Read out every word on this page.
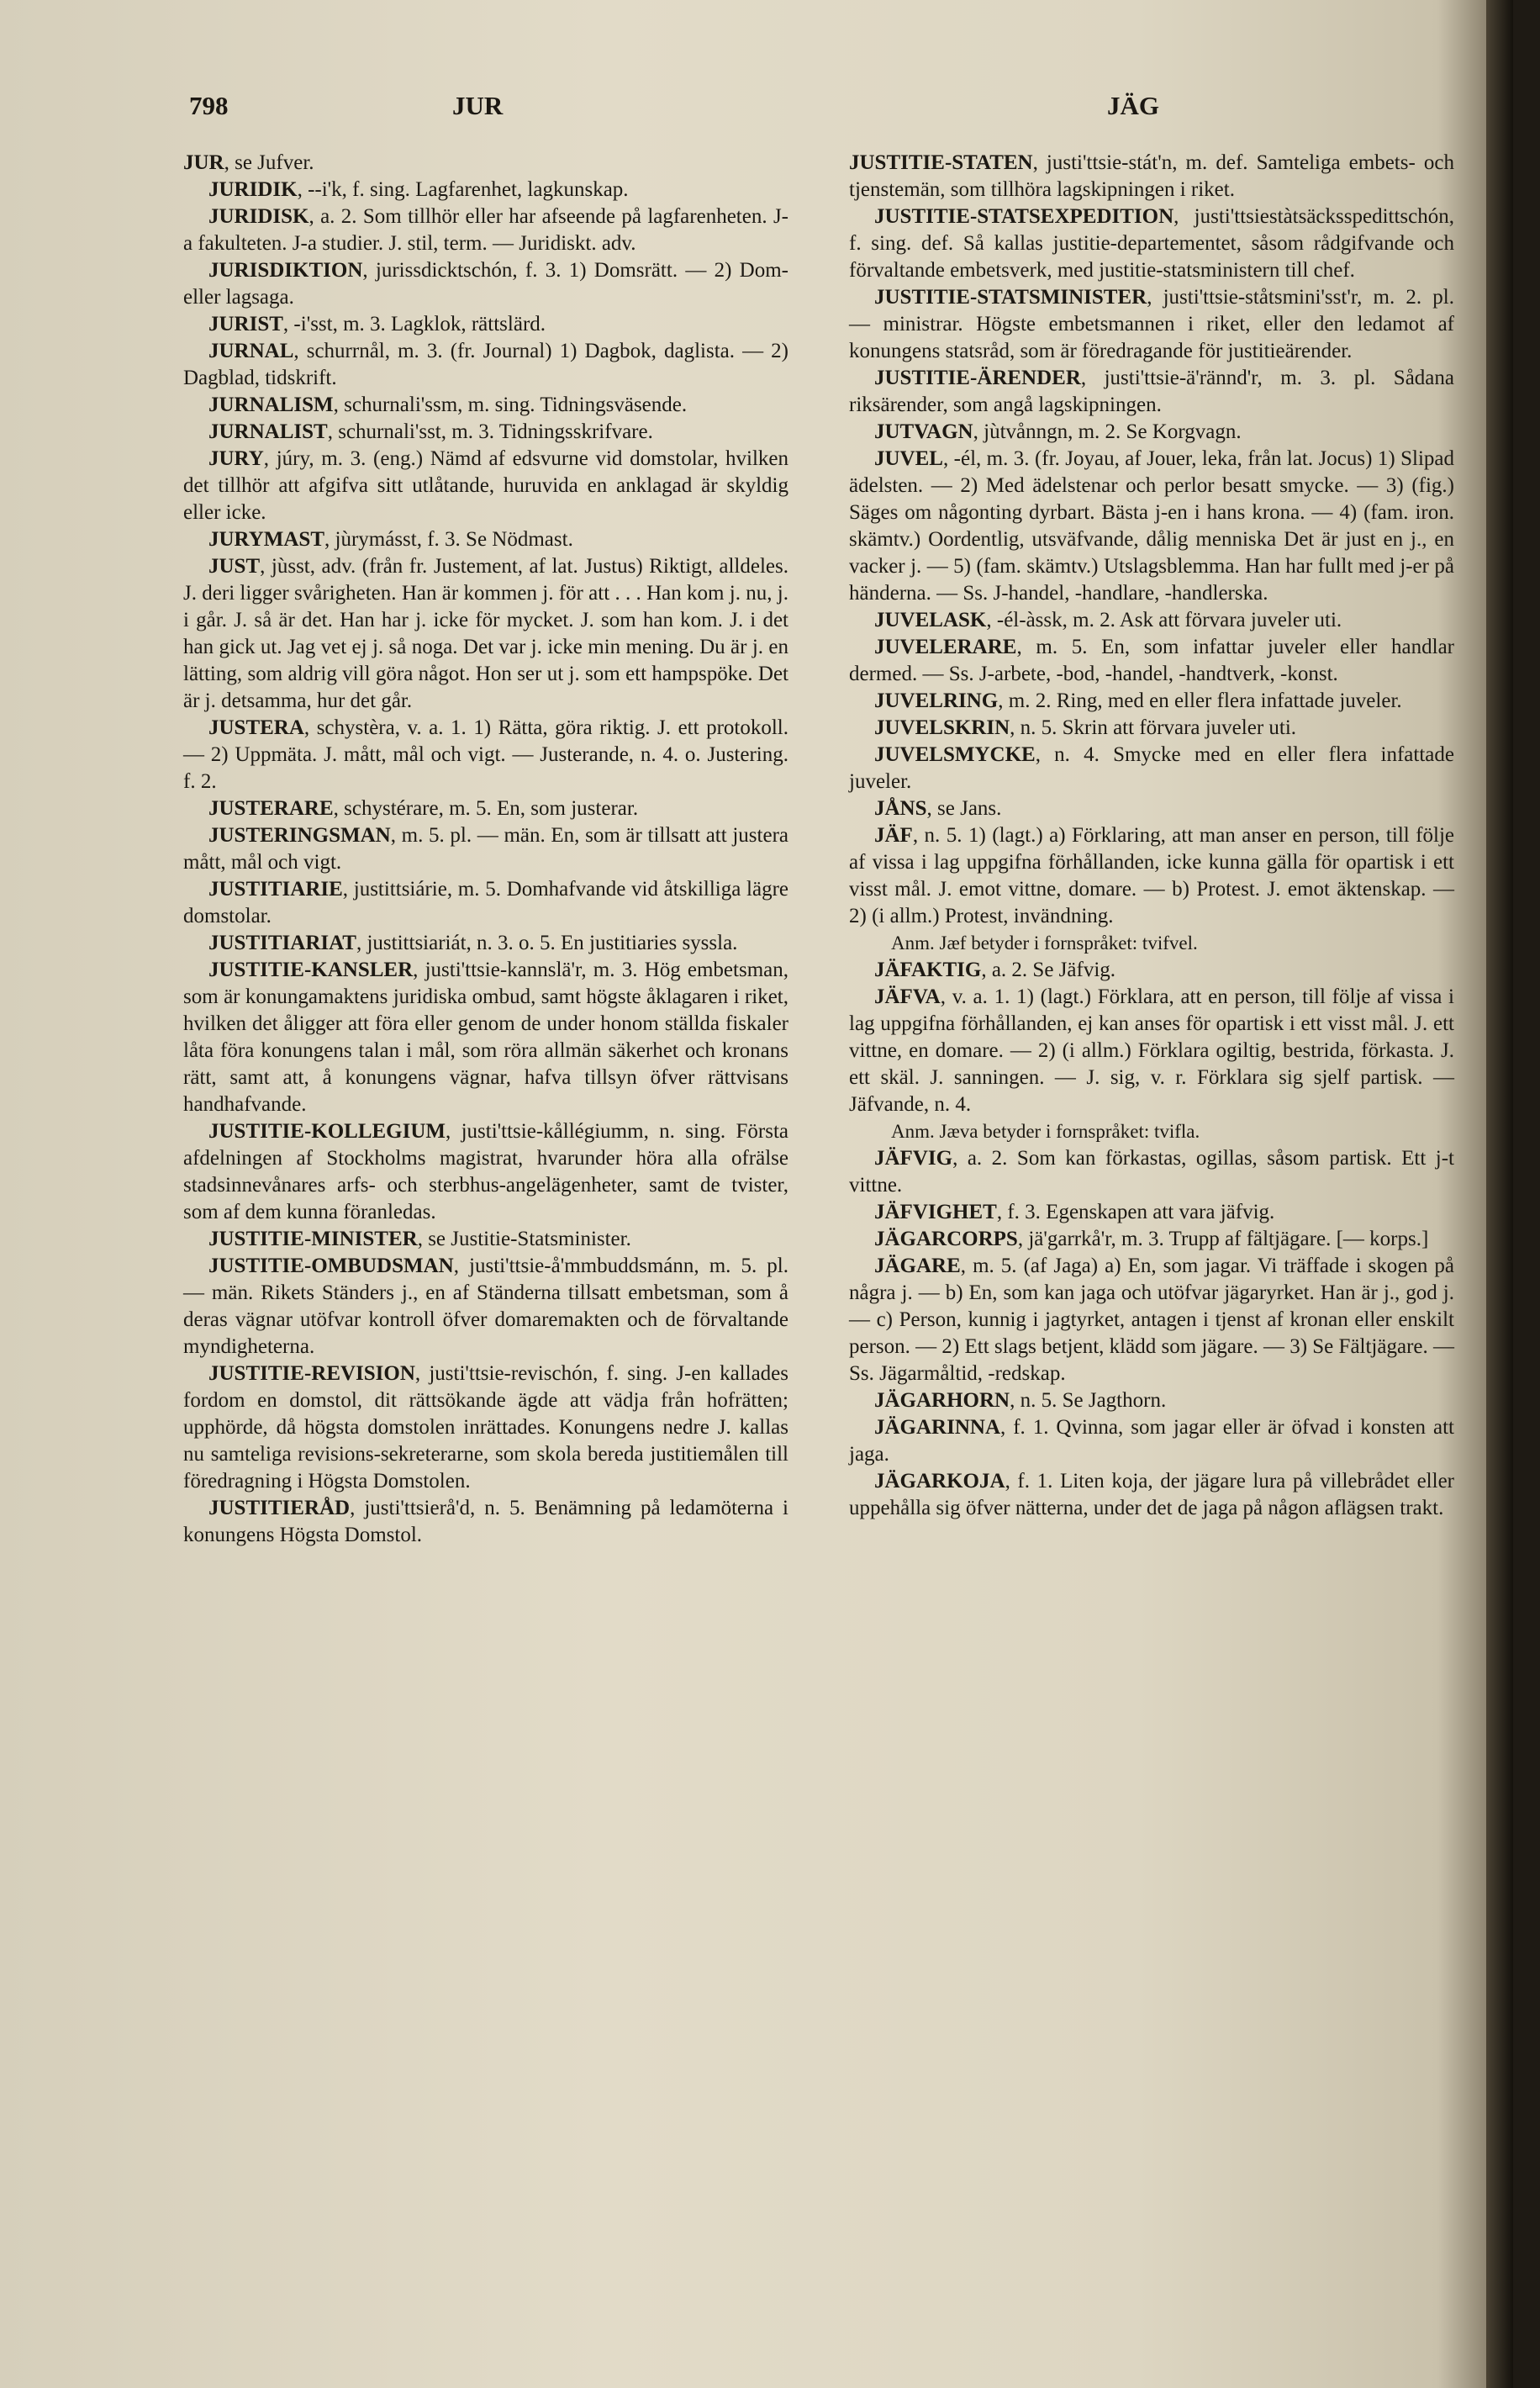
798	JUR	JÄG

JUR, se Jufver.

JURIDIK, --i'k, f. sing. Lagfarenhet, lagkunskap.

JURIDISK, a. 2. Som tillhör eller har afseende på lagfarenheten. J-a fakulteten. J-a studier. J. stil, term. — Juridiskt. adv.

JURISDIKTION, jurissdicktschón, f. 3. 1) Domsrätt. — 2) Dom- eller lagsaga.

JURIST, -i'sst, m. 3. Lagklok, rättslärd.

JURNAL, schurrnål, m. 3. (fr. Journal) 1) Dagbok, daglista. — 2) Dagblad, tidskrift.

JURNALISM, schurnali'ssm, m. sing. Tidningsväsende.

JURNALIST, schurnali'sst, m. 3. Tidningsskrifvare.

JURY, júry, m. 3. (eng.) Nämd af edsvurne vid domstolar, hvilken det tillhör att afgifva sitt utlåtande, huruvida en anklagad är skyldig eller icke.

JURYMAST, jùrymásst, f. 3. Se Nödmast.

JUST, jùsst, adv. (från fr. Justement, af lat. Justus) Riktigt, alldeles. J. deri ligger svårigheten. Han är kommen j. för att . . . Han kom j. nu, j. i går. J. så är det. Han har j. icke för mycket. J. som han kom. J. i det han gick ut. Jag vet ej j. så noga. Det var j. icke min mening. Du är j. en lätting, som aldrig vill göra något. Hon ser ut j. som ett hampspöke. Det är j. detsamma, hur det går.

JUSTERA, schystèra, v. a. 1. 1) Rätta, göra riktig. J. ett protokoll. — 2) Uppmäta. J. mått, mål och vigt. — Justerande, n. 4. o. Justering. f. 2.

JUSTERARE, schystérare, m. 5. En, som justerar.

JUSTERINGSMAN, m. 5. pl. — män. En, som är tillsatt att justera mått, mål och vigt.

JUSTITIARIE, justittsiárie, m. 5. Domhafvande vid åtskilliga lägre domstolar.

JUSTITIARIAT, justittsiariát, n. 3. o. 5. En justitiaries syssla.

JUSTITIE-KANSLER, justi'ttsie-kannslä'r, m. 3. Hög embetsman, som är konungamaktens juridiska ombud, samt högste åklagaren i riket, hvilken det åligger att föra eller genom de under honom ställda fiskaler låta föra konungens talan i mål, som röra allmän säkerhet och kronans rätt, samt att, å konungens vägnar, hafva tillsyn öfver rättvisans handhafvande.

JUSTITIE-KOLLEGIUM, justi'ttsie-kållégiumm, n. sing. Första afdelningen af Stockholms magistrat, hvarunder höra alla ofrälse stadsinnevånares arfs- och sterbhus-angelägenheter, samt de tvister, som af dem kunna föranledas.

JUSTITIE-MINISTER, se Justitie-Statsminister.

JUSTITIE-OMBUDSMAN, justi'ttsie-å'mmbuddsmánn, m. 5. pl. — män. Rikets Ständers j., en af Ständerna tillsatt embetsman, som å deras vägnar utöfvar kontroll öfver domaremakten och de förvaltande myndigheterna.

JUSTITIE-REVISION, justi'ttsie-revischón, f. sing. J-en kallades fordom en domstol, dit rättsökande ägde att vädja från hofrätten; upphörde, då högsta domstolen inrättades. Konungens nedre J. kallas nu samteliga revisions-sekreterarne, som skola bereda justitiemålen till föredragning i Högsta Domstolen.

JUSTITIERÅD, justi'ttsierå'd, n. 5. Benämning på ledamöterna i konungens Högsta Domstol.

JUSTITIE-STATEN, justi'ttsie-stát'n, m. def. Samteliga embets- och tjenstemän, som tillhöra lagskipningen i riket.

JUSTITIE-STATSEXPEDITION, justi'ttsiestàtsäcksspedittschón, f. sing. def. Så kallas justitie-departementet, såsom rådgifvande och förvaltande embetsverk, med justitie-statsministern till chef.

JUSTITIE-STATSMINISTER, justi'ttsie-ståtsmini'sst'r, m. 2. pl. — ministrar. Högste embetsmannen i riket, eller den ledamot af konungens statsråd, som är föredragande för justitieärender.

JUSTITIE-ÄRENDER, justi'ttsie-ä'rännd'r, m. 3. pl. Sådana riksärender, som angå lagskipningen.

JUTVAGN, jùtvånngn, m. 2. Se Korgvagn.

JUVEL, -él, m. 3. (fr. Joyau, af Jouer, leka, från lat. Jocus) 1) Slipad ädelsten. — 2) Med ädelstenar och perlor besatt smycke. — 3) (fig.) Säges om någonting dyrbart. Bästa j-en i hans krona. — 4) (fam. iron. skämtv.) Oordentlig, utsväfvande, dålig menniska Det är just en j., en vacker j. — 5) (fam. skämtv.) Utslagsblemma. Han har fullt med j-er på händerna. — Ss. J-handel, -handlare, -handlerska.

JUVELASK, -él-àssk, m. 2. Ask att förvara juveler uti.

JUVELERARE, m. 5. En, som infattar juveler eller handlar dermed. — Ss. J-arbete, -bod, -handel, -handtverk, -konst.

JUVELRING, m. 2. Ring, med en eller flera infattade juveler.

JUVELSKRIN, n. 5. Skrin att förvara juveler uti.

JUVELSMYCKE, n. 4. Smycke med en eller flera infattade juveler.

JÅNS, se Jans.

JÄF, n. 5. 1) (lagt.) a) Förklaring, att man anser en person, till följe af vissa i lag uppgifna förhållanden, icke kunna gälla för opartisk i ett visst mål. J. emot vittne, domare. — b) Protest. J. emot äktenskap. — 2) (i allm.) Protest, invändning.

Anm. Jæf betyder i fornspråket: tvifvel.

JÄFAKTIG, a. 2. Se Jäfvig.

JÄFVA, v. a. 1. 1) (lagt.) Förklara, att en person, till följe af vissa i lag uppgifna förhållanden, ej kan anses för opartisk i ett visst mål. J. ett vittne, en domare. — 2) (i allm.) Förklara ogiltig, bestrida, förkasta. J. ett skäl. J. sanningen. — J. sig, v. r. Förklara sig sjelf partisk. — Jäfvande, n. 4.

Anm. Jæva betyder i fornspråket: tvifla.

JÄFVIG, a. 2. Som kan förkastas, ogillas, såsom partisk. Ett j-t vittne.

JÄFVIGHET, f. 3. Egenskapen att vara jäfvig.

JÄGARCORPS, jä'garrkå'r, m. 3. Trupp af fältjägare. [— korps.]

JÄGARE, m. 5. (af Jaga) a) En, som jagar. Vi träffade i skogen på några j. — b) En, som kan jaga och utöfvar jägaryrket. Han är j., god j. — c) Person, kunnig i jagtyrket, antagen i tjenst af kronan eller enskilt person. — 2) Ett slags betjent, klädd som jägare. — 3) Se Fältjägare. — Ss. Jägarmåltid, -redskap.

JÄGARHORN, n. 5. Se Jagthorn.

JÄGARINNA, f. 1. Qvinna, som jagar eller är öfvad i konsten att jaga.

JÄGARKOJA, f. 1. Liten koja, der jägare lura på villebrådet eller uppehålla sig öfver nätterna, under det de jaga på någon aflägsen trakt.
